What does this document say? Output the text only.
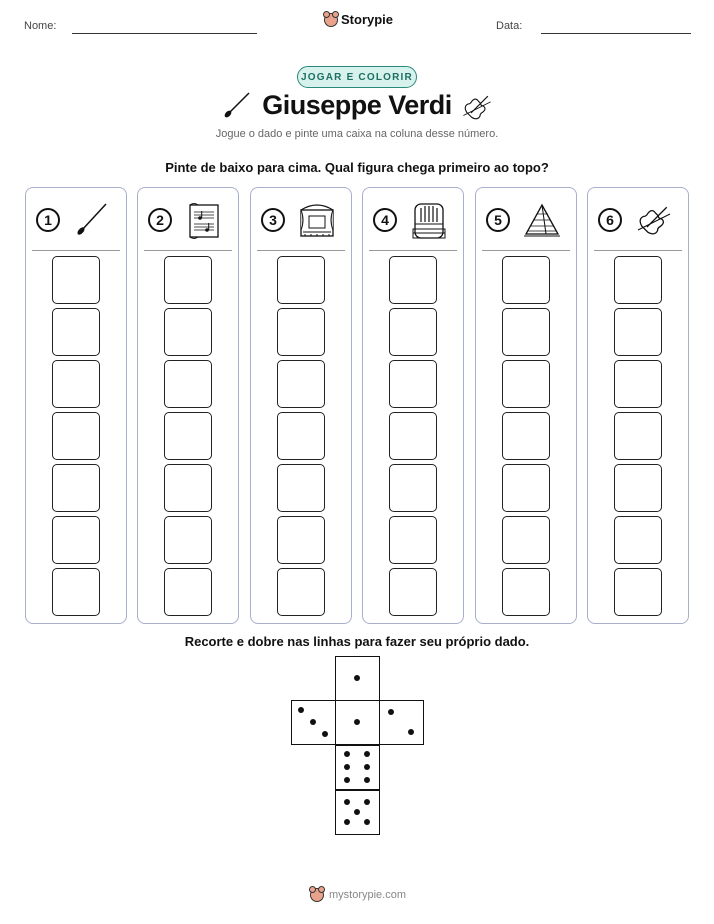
Nome:	Storypie	Data:
JOGAR E COLORIR
Giuseppe Verdi
Jogue o dado e pinte uma caixa na coluna desse número.
Pinte de baixo para cima. Qual figura chega primeiro ao topo?
1	2	3	4	5	6
Recorte e dobre nas linhas para fazer seu próprio dado.
mystorypie.com
